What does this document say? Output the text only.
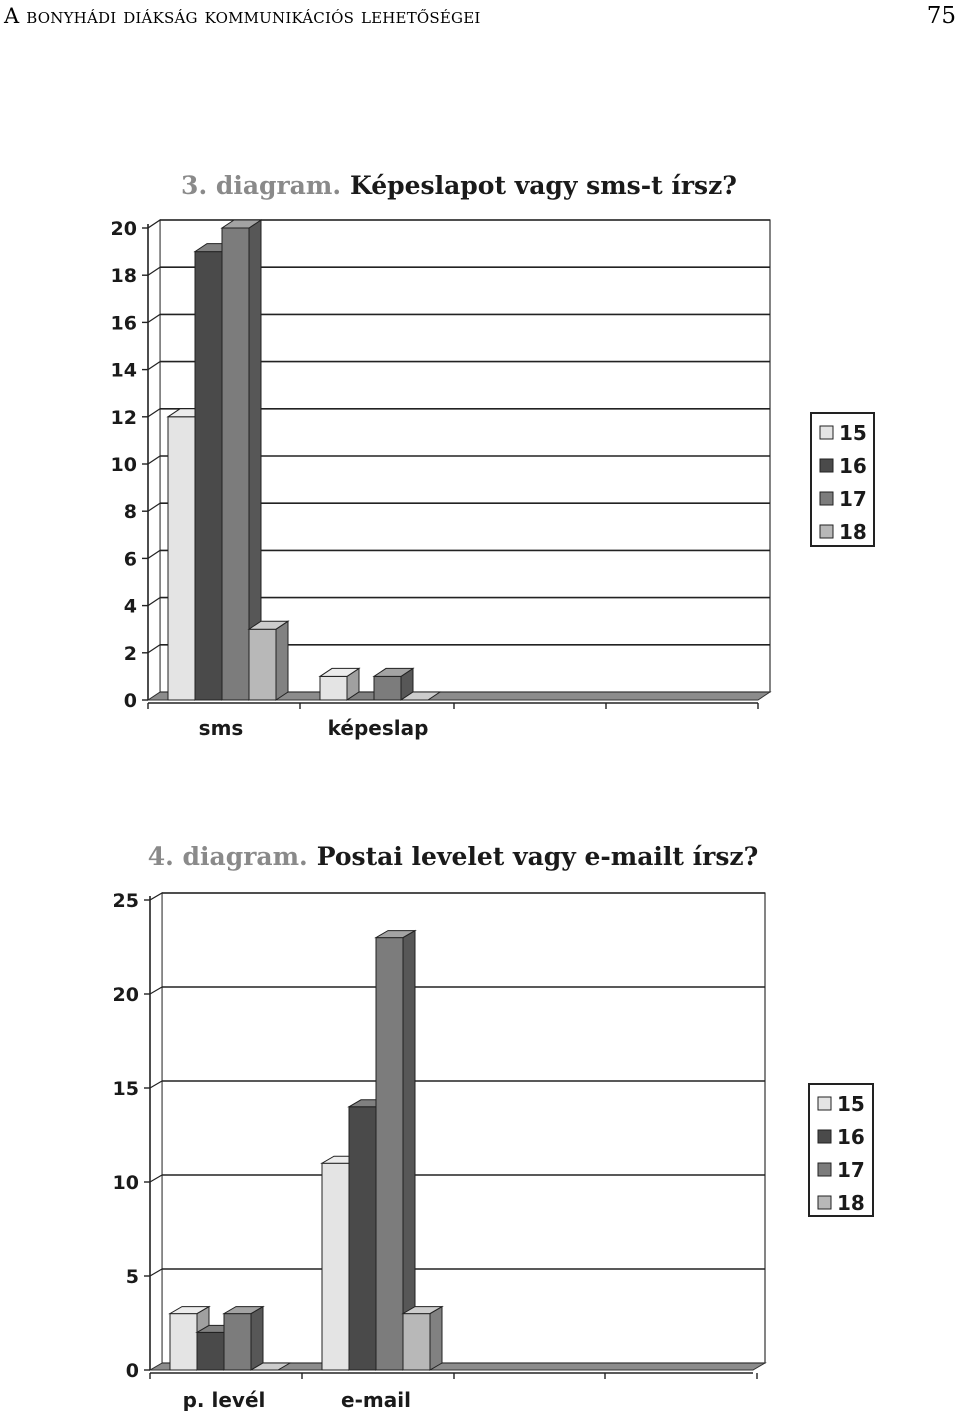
A bonyhádi diákság kommunikációs lehetőségei	75
3. diagram. Képeslapot vagy sms-t írsz?
0
2
4
6
8
10
12
14
16
18
20
sms	képeslap
15
16
17
18
4. diagram. Postai levelet vagy e-mailt írsz?
0
5
10
15
20
25
p. levél	e-mail
15
16
17
18
